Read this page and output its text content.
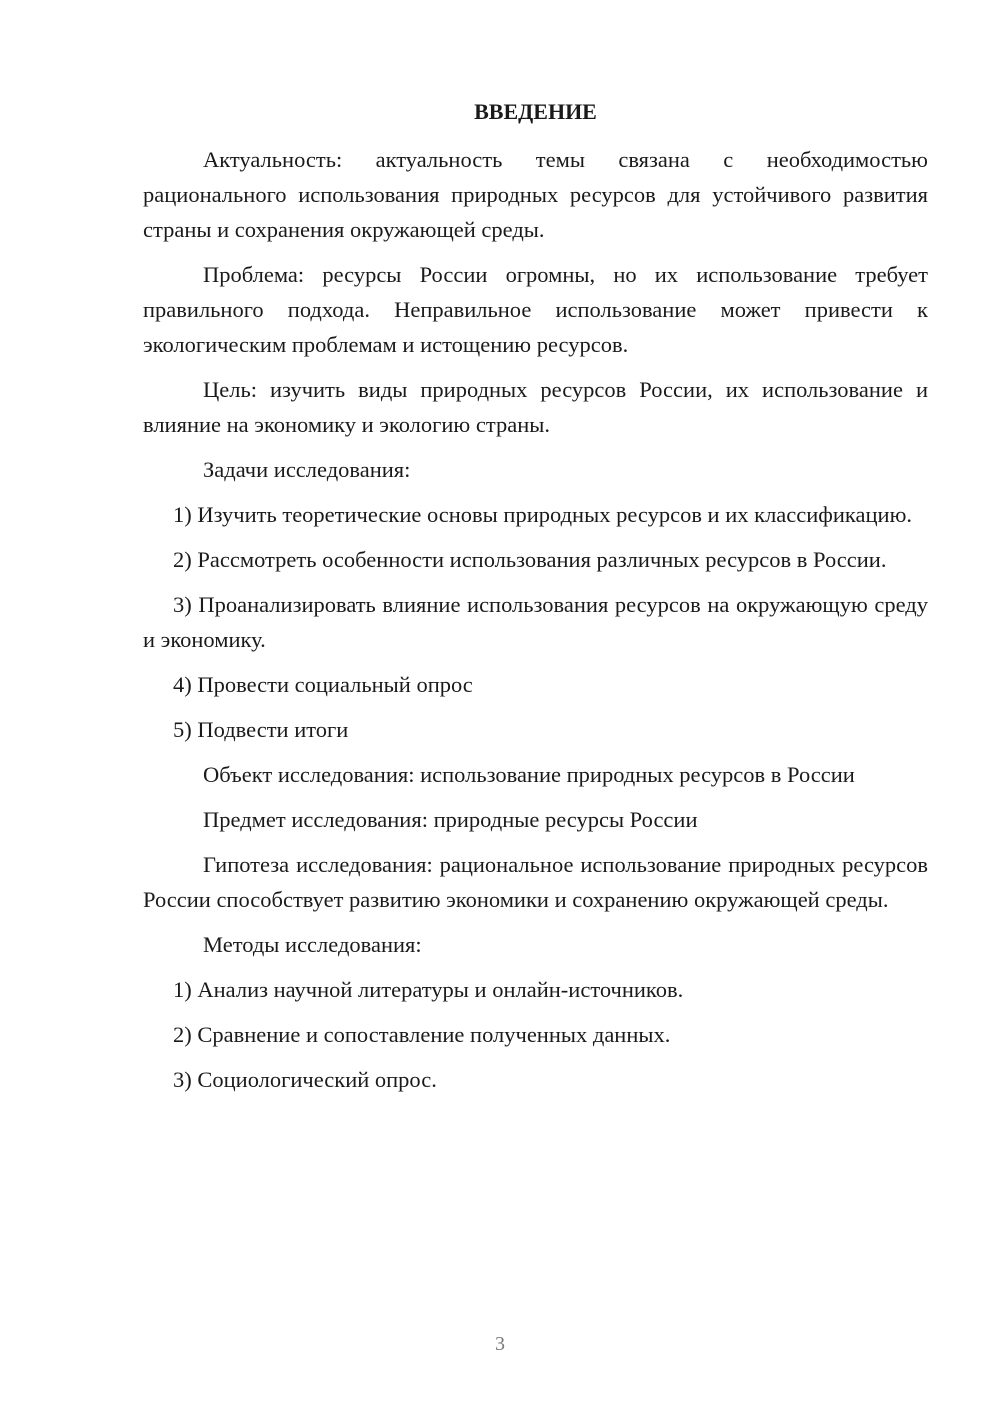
ВВЕДЕНИЕ

Актуальность: актуальность темы связана с необходимостью рационального использования природных ресурсов для устойчивого развития страны и сохранения окружающей среды.

Проблема: ресурсы России огромны, но их использование требует правильного подхода. Неправильное использование может привести к экологическим проблемам и истощению ресурсов.

Цель: изучить виды природных ресурсов России, их использование и влияние на экономику и экологию страны.

Задачи исследования:

1) Изучить теоретические основы природных ресурсов и их классификацию.

2) Рассмотреть особенности использования различных ресурсов в России.

3) Проанализировать влияние использования ресурсов на окружающую среду и экономику.

4) Провести социальный опрос

5) Подвести итоги

Объект исследования: использование природных ресурсов в России

Предмет исследования: природные ресурсы России

Гипотеза исследования: рациональное использование природных ресурсов России способствует развитию экономики и сохранению окружающей среды.

Методы исследования:

1) Анализ научной литературы и онлайн-источников.

2) Сравнение и сопоставление полученных данных.

3) Социологический опрос.

3
